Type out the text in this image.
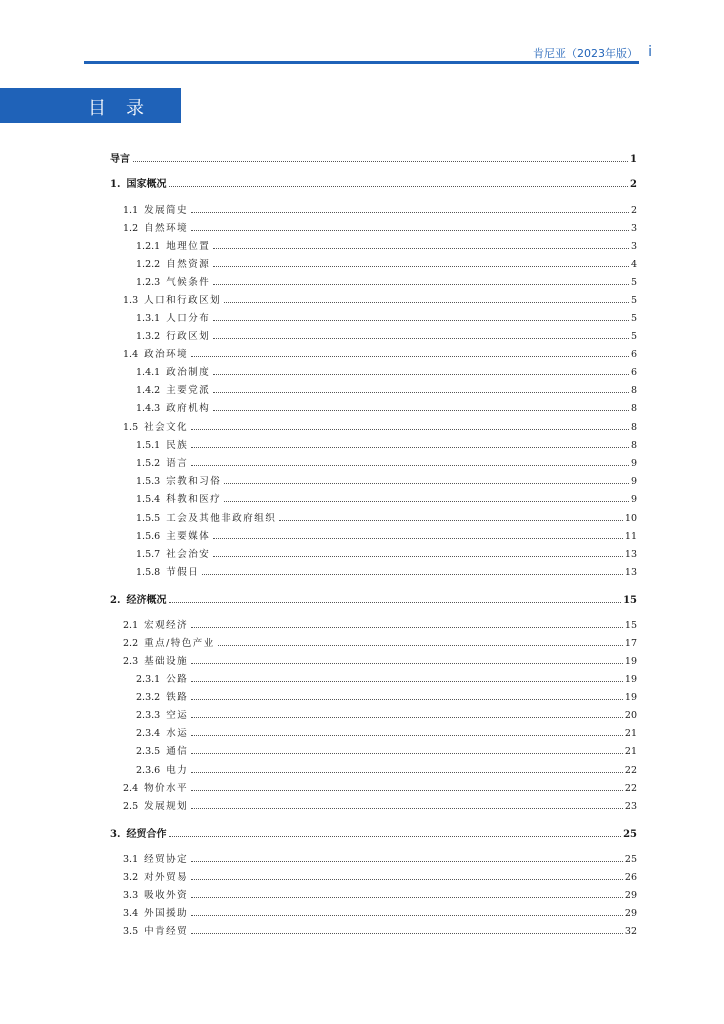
肯尼亚（2023年版） i
目录
导言	1
1. 国家概况	2
1.1 发展简史	2
1.2 自然环境	3
1.2.1 地理位置	3
1.2.2 自然资源	4
1.2.3 气候条件	5
1.3 人口和行政区划	5
1.3.1 人口分布	5
1.3.2 行政区划	5
1.4 政治环境	6
1.4.1 政治制度	6
1.4.2 主要党派	8
1.4.3 政府机构	8
1.5 社会文化	8
1.5.1 民族	8
1.5.2 语言	9
1.5.3 宗教和习俗	9
1.5.4 科教和医疗	9
1.5.5 工会及其他非政府组织	10
1.5.6 主要媒体	11
1.5.7 社会治安	13
1.5.8 节假日	13
2. 经济概况	15
2.1 宏观经济	15
2.2 重点/特色产业	17
2.3 基础设施	19
2.3.1 公路	19
2.3.2 铁路	19
2.3.3 空运	20
2.3.4 水运	21
2.3.5 通信	21
2.3.6 电力	22
2.4 物价水平	22
2.5 发展规划	23
3. 经贸合作	25
3.1 经贸协定	25
3.2 对外贸易	26
3.3 吸收外资	29
3.4 外国援助	29
3.5 中肯经贸	32
